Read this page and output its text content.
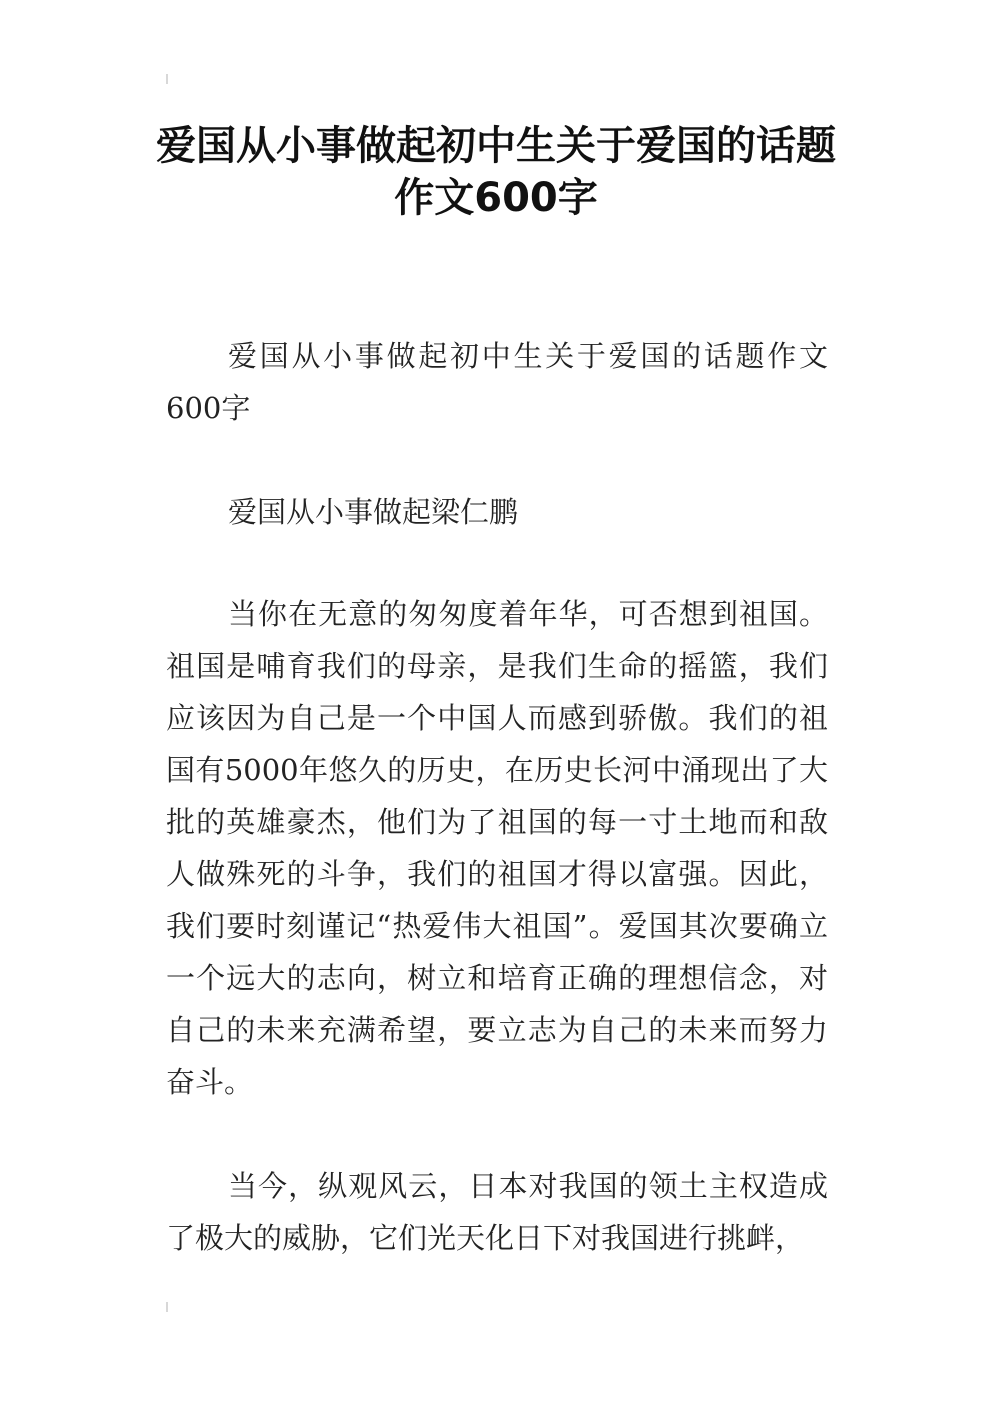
爱国从小事做起初中生关于爱国的话题作文600字
爱国从小事做起初中生关于爱国的话题作文600字
爱国从小事做起梁仁鹏
当你在无意的匆匆度着年华，可否想到祖国。祖国是哺育我们的母亲，是我们生命的摇篮，我们应该因为自己是一个中国人而感到骄傲。我们的祖国有5000年悠久的历史，在历史长河中涌现出了大批的英雄豪杰，他们为了祖国的每一寸土地而和敌人做殊死的斗争，我们的祖国才得以富强。因此，我们要时刻谨记“热爱伟大祖国”。爱国其次要确立一个远大的志向，树立和培育正确的理想信念，对自己的未来充满希望，要立志为自己的未来而努力奋斗。
当今，纵观风云，日本对我国的领土主权造成了极大的威胁，它们光天化日下对我国进行挑衅，
